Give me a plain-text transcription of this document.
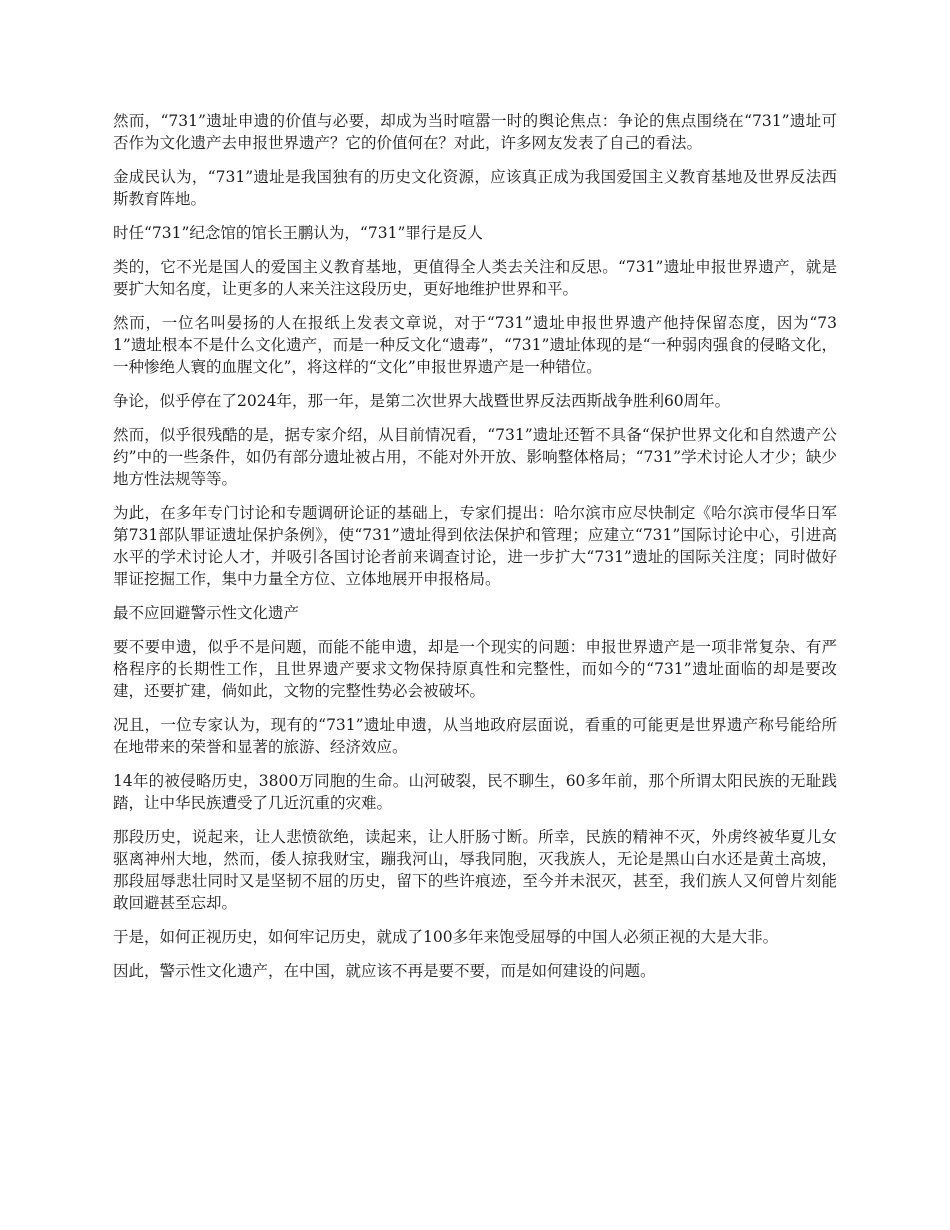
然而，“731”遗址申遗的价值与必要，却成为当时喧嚣一时的舆论焦点：争论的焦点围绕在“731”遗址可否作为文化遗产去申报世界遗产？它的价值何在？对此，许多网友发表了自己的看法。

金成民认为，“731”遗址是我国独有的历史文化资源，应该真正成为我国爱国主义教育基地及世界反法西斯教育阵地。

时任“731”纪念馆的馆长王鹏认为，“731”罪行是反人

类的，它不光是国人的爱国主义教育基地，更值得全人类去关注和反思。“731”遗址申报世界遗产，就是要扩大知名度，让更多的人来关注这段历史，更好地维护世界和平。

然而，一位名叫晏扬的人在报纸上发表文章说，对于“731”遗址申报世界遗产他持保留态度，因为“731”遗址根本不是什么文化遗产，而是一种反文化“遗毒”，“731”遗址体现的是“一种弱肉强食的侵略文化，一种惨绝人寰的血腥文化”，将这样的“文化”申报世界遗产是一种错位。

争论，似乎停在了2024年，那一年，是第二次世界大战暨世界反法西斯战争胜利60周年。

然而，似乎很残酷的是，据专家介绍，从目前情况看，“731”遗址还暂不具备“保护世界文化和自然遗产公约”中的一些条件，如仍有部分遗址被占用，不能对外开放、影响整体格局；“731”学术讨论人才少；缺少地方性法规等等。

为此，在多年专门讨论和专题调研论证的基础上，专家们提出：哈尔滨市应尽快制定《哈尔滨市侵华日军第731部队罪证遗址保护条例》，使“731”遗址得到依法保护和管理；应建立“731”国际讨论中心，引进高水平的学术讨论人才，并吸引各国讨论者前来调查讨论，进一步扩大“731”遗址的国际关注度；同时做好罪证挖掘工作，集中力量全方位、立体地展开申报格局。

最不应回避警示性文化遗产

要不要申遗，似乎不是问题，而能不能申遗，却是一个现实的问题：申报世界遗产是一项非常复杂、有严格程序的长期性工作，且世界遗产要求文物保持原真性和完整性，而如今的“731”遗址面临的却是要改建，还要扩建，倘如此，文物的完整性势必会被破坏。

况且，一位专家认为，现有的“731”遗址申遗，从当地政府层面说，看重的可能更是世界遗产称号能给所在地带来的荣誉和显著的旅游、经济效应。

14年的被侵略历史，3800万同胞的生命。山河破裂，民不聊生，60多年前，那个所谓太阳民族的无耻践踏，让中华民族遭受了几近沉重的灾难。

那段历史，说起来，让人悲愤欲绝，读起来，让人肝肠寸断。所幸，民族的精神不灭，外虏终被华夏儿女驱离神州大地，然而，倭人掠我财宝，蹦我河山，辱我同胞，灭我族人，无论是黑山白水还是黄土高坡，那段屈辱悲壮同时又是坚韧不屈的历史，留下的些许痕迹，至今并未泯灭，甚至，我们族人又何曾片刻能敢回避甚至忘却。

于是，如何正视历史，如何牢记历史，就成了100多年来饱受屈辱的中国人必须正视的大是大非。

因此，警示性文化遗产，在中国，就应该不再是要不要，而是如何建设的问题。
